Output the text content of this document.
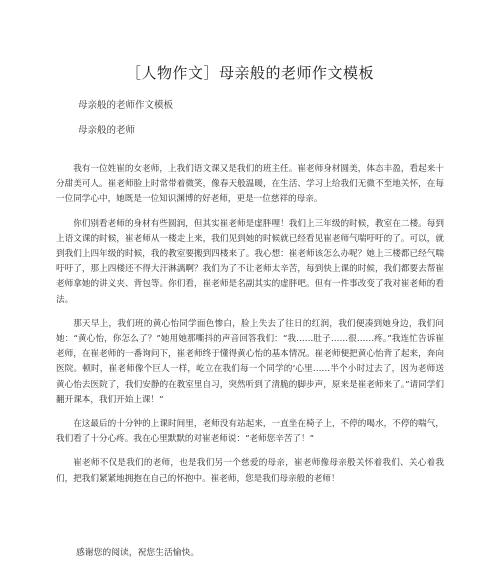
［人物作文］母亲般的老师作文模板
母亲般的老师作文模板
母亲般的老师

我有一位姓崔的女老师，上我们语文课又是我们的班主任。崔老师身材圆美，体态丰盈，看起来十分甜美可人。崔老师脸上时常带着微笑，像春天般温暖，在生活、学习上给我们无微不至地关怀，在每一位同学心中，她既是一位知识渊博的好老师，更是一位慈祥的母亲。

你们别看老师的身材有些圆润，但其实崔老师是虚胖哩！我们上三年级的时候，教室在二楼。每到上语文课的时候，崔老师从一楼走上来，我们见到她的时候就已经看见崔老师气喘吁吁的了。可以，就到我们上四年级的时候，我的教室要搬到四楼来了。我心想：崔老师该怎么办呢？她上三楼都已经气喘吁吁了，那上四楼还不得大汗淋漓啊？我们为了不让老师太辛苦，每到快上课的时候，我们都要去帮崔老师拿她的讲义夹、背包等。你们看，崔老师是名副其实的虚胖吧。但有一件事改变了我对崔老师的看法。

那天早上，我们班的黄心怡同学面色惨白，脸上失去了往日的红润，我们便凑到她身边，我们问她：“黄心怡，你怎么了？”她用她那嘶抖的声音回答我们：“我……肚子……很……疼。”我连忙告诉崔老师，在崔老师的一番询问下，崔老师终于懂得黄心怡的基本情况。崔老师便把黄心怡背了起来，奔向医院。顿时，崔老师像个巨人一样，屹立在我们每一个同学的‘心里……半个小时过去了，因为老师送黄心怡去医院了，我们安静的在教室里自习，突然听到了清脆的脚步声，原来是崔老师来了。”请同学们翻开课本，我们开始上课！”

在这最后的十分钟的上课时间里，老师没有站起来，一直坐在椅子上，不停的喝水，不停的喘气，我们看了十分心疼。我在心里默默的对崔老师说：“老师您辛苦了！”

崔老师不仅是我们的老师，也是我们另一个慈爱的母亲，崔老师像母亲般关怀着我们、关心着我们，把我们紧紧地拥抱在自己的怀抱中。崔老师，您是我们母亲般的老师！

感谢您的阅读，祝您生活愉快。
